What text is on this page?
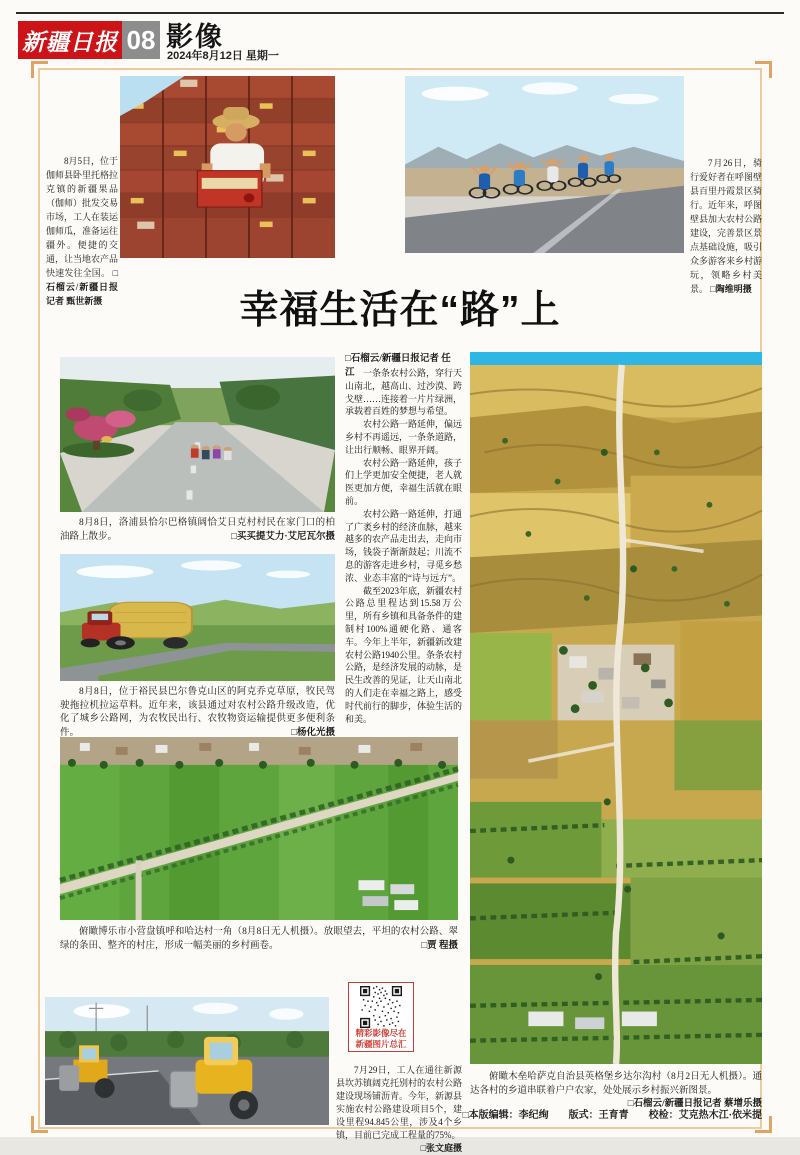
新疆日报 08 影像
2024年8月12日 星期一
8月5日，位于伽师县卧里托格拉克镇的新疆果品（伽师）批发交易市场，工人在装运伽师瓜，准备运往疆外。便捷的交通，让当地农产品快速发往全国。 □石榴云/新疆日报记者 甄世新摄
7月26日，骑行爱好者在呼图壁县百里丹霞景区骑行。近年来，呼图壁县加大农村公路建设，完善景区景点基础设施，吸引众多游客来乡村游玩，领略乡村美景。 □陶维明摄
幸福生活在“路”上
□石榴云/新疆日报记者 任 江 一条条农村公路，穿行天山南北，越高山、过沙漠、跨戈壁……连接着一片片绿洲，承载着百姓的梦想与希望。

农村公路一路延伸，偏远乡村不再遥远，一条条道路，让出行顺畅、眼界开阔。

农村公路一路延伸，孩子们上学更加安全便捷，老人就医更加方便，幸福生活就在眼前。

农村公路一路延伸，打通了广袤乡村的经济血脉，越来越多的农产品走出去，走向市场，钱袋子渐渐鼓起；川流不息的游客走进乡村，寻觅乡愁浓、业态丰富的“诗与远方”。

截至2023年底，新疆农村公路总里程达到15.58万公里，所有乡镇和具备条件的建制村100%通硬化路、通客车。今年上半年，新疆新改建农村公路1940公里。条条农村公路，是经济发展的动脉，是民生改善的见证，让天山南北的人们走在幸福之路上，感受时代前行的脚步，体验生活的和美。

8月8日，洛浦县恰尔巴格镇阔恰艾日克村村民在家门口的柏油路上散步。	□买买提艾力·艾尼瓦尔摄
8月8日，位于裕民县巴尔鲁克山区的阿克乔克草原，牧民驾驶拖拉机拉运草料。近年来，该县通过对农村公路升级改造，优化了城乡公路网，为农牧民出行、农牧物资运输提供更多便利条件。	□杨化光摄
俯瞰博乐市小营盘镇呼和哈达村一角（8月8日无人机摄）。放眼望去，平坦的农村公路、翠绿的条田、整齐的村庄，形成一幅美丽的乡村画卷。	□贾 程摄
7月29日，工人在通往新源县坎苏镇阔克托别村的农村公路建设现场铺沥青。今年，新源县实施农村公路建设项目5个，建设里程94.845公里，涉及4个乡镇，目前已完成工程量的75%。
□张文庭摄
精彩影像尽在
新疆图片总汇
俯瞰木垒哈萨克自治县英格堡乡达尔沟村（8月2日无人机摄）。通达各村的乡道串联着户户农家，处处展示乡村振兴新图景。
□石榴云/新疆日报记者 蔡增乐摄
□本版编辑：李纪绚　　版式：王育青　　校检：艾克热木江·依米提
